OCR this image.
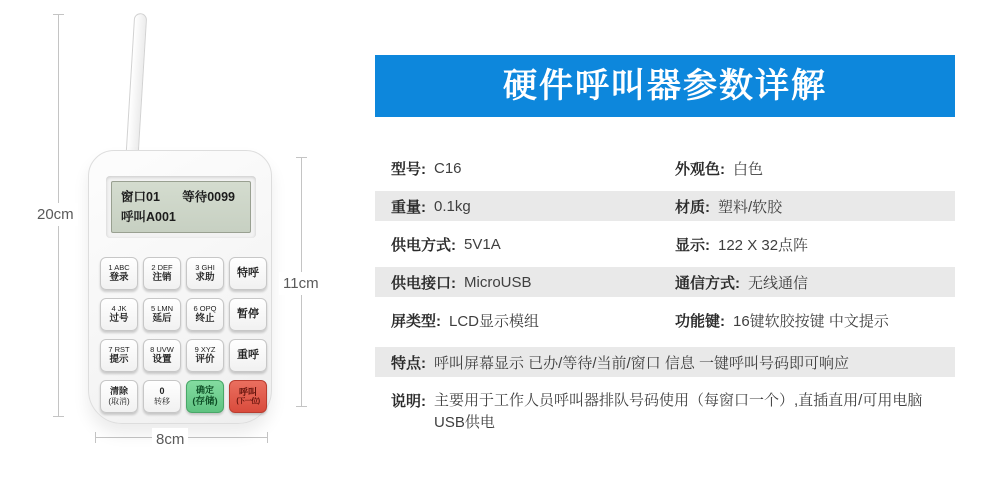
20cm
11cm
8cm
窗口01 等待0099
呼叫A001
1 ABC
登录
2 DEF
注销
3 GHI
求助 特呼
4 JK
过号
5 LMN
延后
6 OPQ
终止 暂停
7 RST
提示
8 UVW
设置
9 XYZ
评价 重呼
清除
(取消)
0
转移
确定
(存储)
呼叫
(下一位)
硬件呼叫器参数详解
型号: C16	外观色: 白色
重量: 0.1kg	材质: 塑料/软胶
供电方式: 5V1A	显示: 122 X 32点阵
供电接口: MicroUSB	通信方式: 无线通信
屏类型: LCD显示模组	功能键: 16键软胶按键 中文提示
特点: 呼叫屏幕显示 已办/等待/当前/窗口 信息 一键呼叫号码即可响应
说明: 主要用于工作人员呼叫器排队号码使用（每窗口一个）,直插直用/可用电脑
USB供电
